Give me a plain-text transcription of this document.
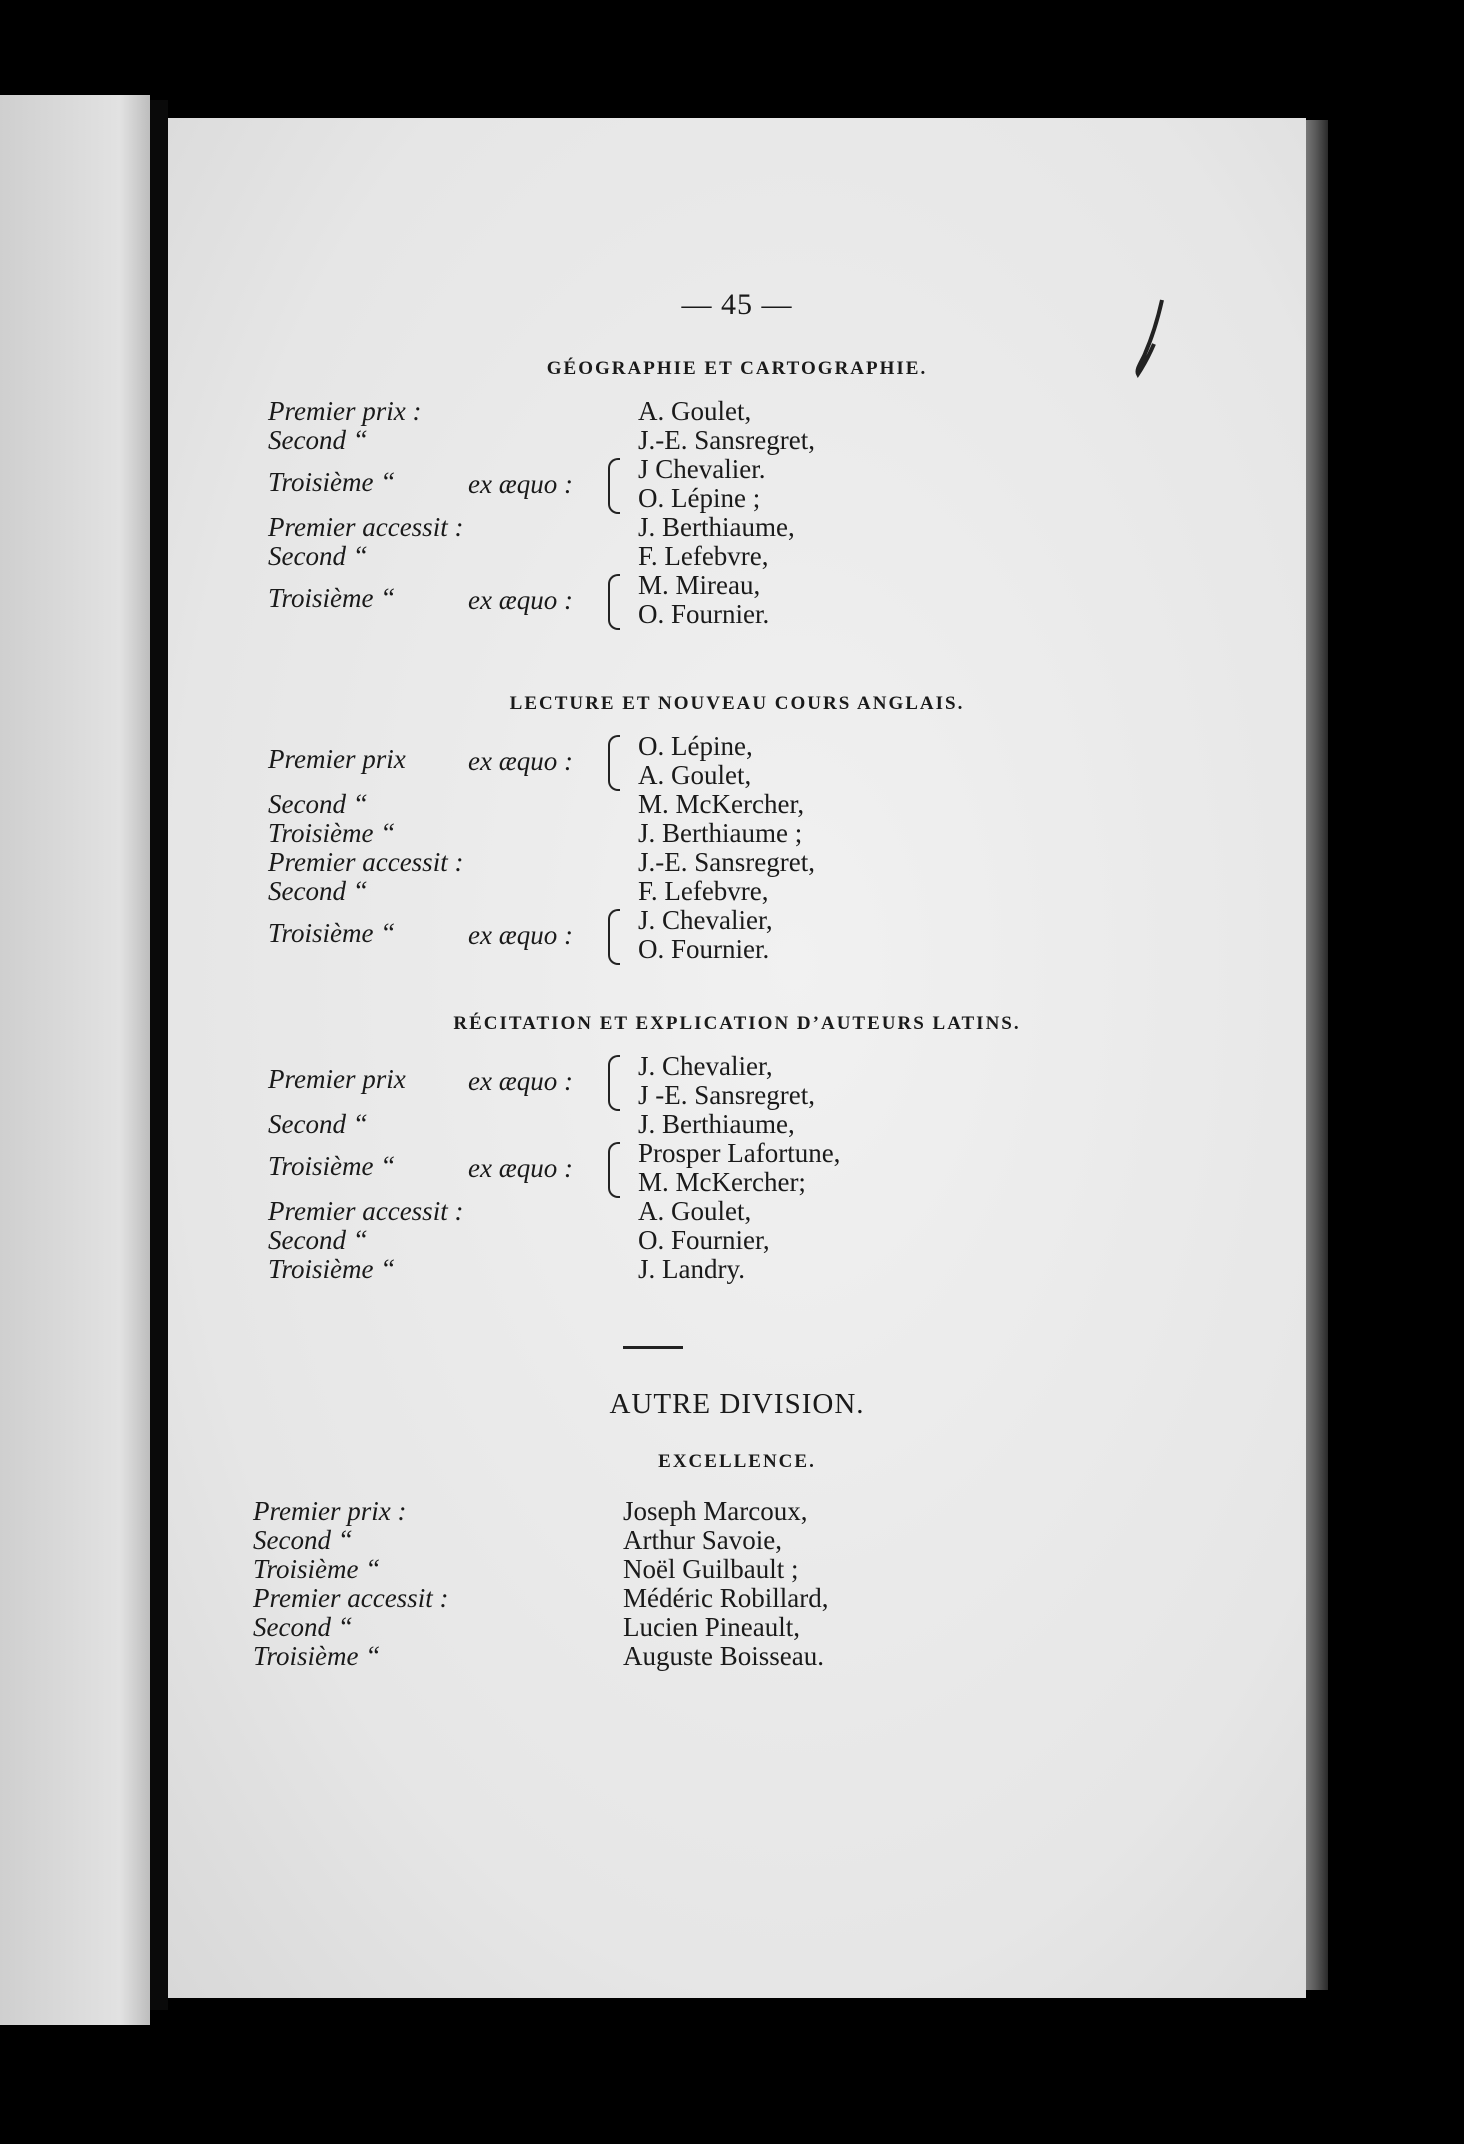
— 45 —
GÉOGRAPHIE ET CARTOGRAPHIE.
Premier prix :	A. Goulet,
Second “	J.-E. Sansregret,
Troisième “	ex æquo : J Chevalier.
O. Lépine ;
Premier accessit :	J. Berthiaume,
Second “	F. Lefebvre,
Troisième “	ex æquo : M. Mireau,
O. Fournier.
LECTURE ET NOUVEAU COURS ANGLAIS.
Premier prix ex æquo : O. Lépine,
A. Goulet,
Second “	M. McKercher,
Troisième “	J. Berthiaume ;
Premier accessit :	J.-E. Sansregret,
Second “	F. Lefebvre,
Troisième “	ex æquo : J. Chevalier,
O. Fournier.
RÉCITATION ET EXPLICATION D’AUTEURS LATINS.
Premier prix ex æquo : J. Chevalier,
J -E. Sansregret,
Second “	J. Berthiaume,
Troisième “	ex æquo : Prosper Lafortune,
M. McKercher;
Premier accessit :	A. Goulet,
Second “	O. Fournier,
Troisième “	J. Landry.
AUTRE DIVISION.
EXCELLENCE.
Premier prix :	Joseph Marcoux,
Second “	Arthur Savoie,
Troisième “	Noël Guilbault ;
Premier accessit :	Médéric Robillard,
Second “	Lucien Pineault,
Troisième “	Auguste Boisseau.
